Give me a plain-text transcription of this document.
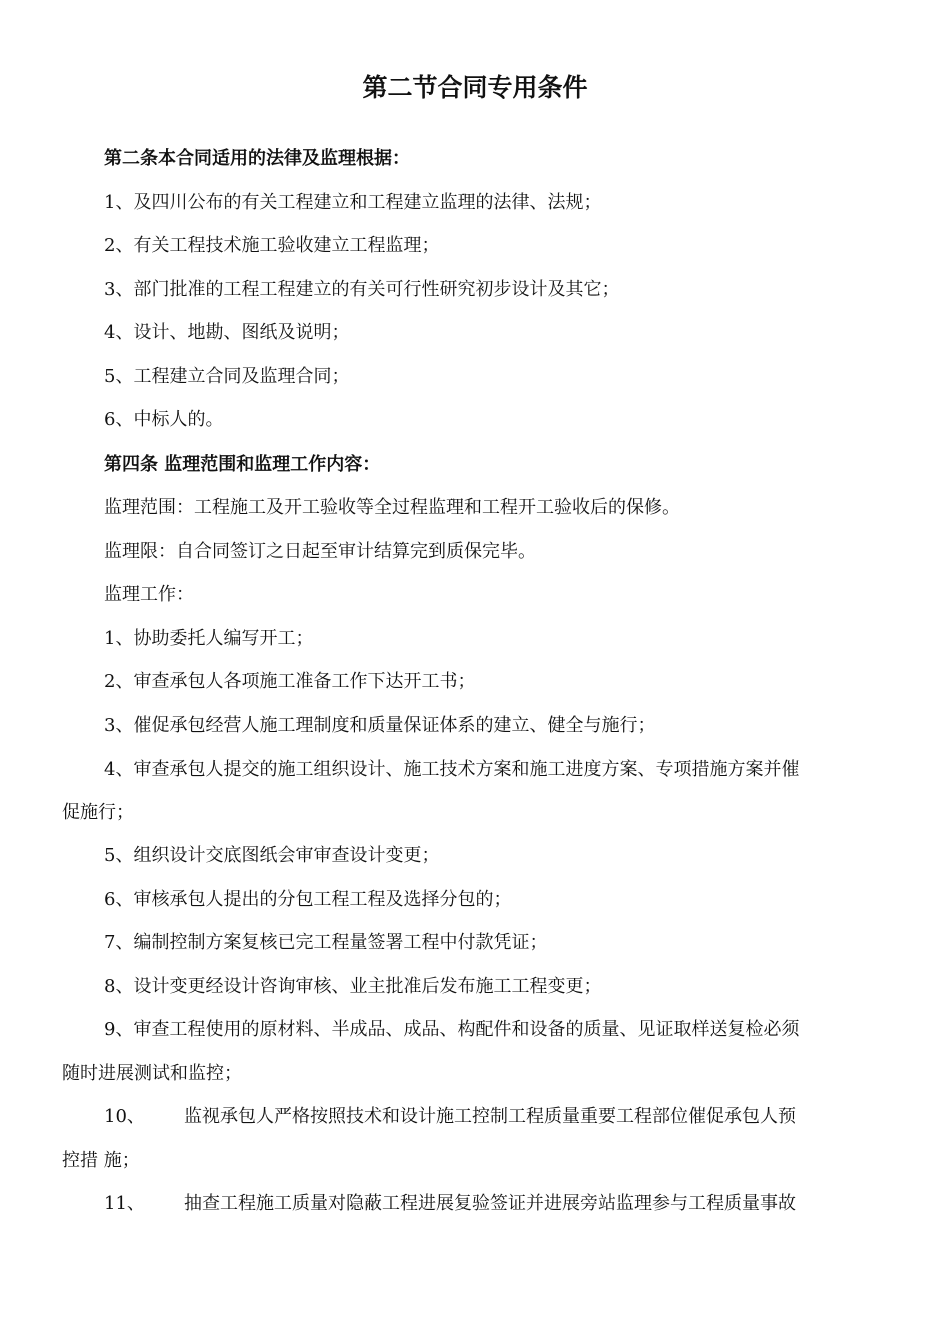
第二节合同专用条件
第二条本合同适用的法律及监理根据：
1、及四川公布的有关工程建立和工程建立监理的法律、法规；
2、有关工程技术施工验收建立工程监理；
3、部门批准的工程工程建立的有关可行性研究初步设计及其它；
4、设计、地勘、图纸及说明；
5、工程建立合同及监理合同；
6、中标人的。
第四条 监理范围和监理工作内容：
监理范围：工程施工及开工验收等全过程监理和工程开工验收后的保修。
监理限：自合同签订之日起至审计结算完到质保完毕。
监理工作：
1、协助委托人编写开工；
2、审查承包人各项施工准备工作下达开工书；
3、催促承包经营人施工理制度和质量保证体系的建立、健全与施行；
4、审查承包人提交的施工组织设计、施工技术方案和施工进度方案、专项措施方案并催
促施行；
5、组织设计交底图纸会审审查设计变更；
6、审核承包人提出的分包工程工程及选择分包的；
7、编制控制方案复核已完工程量签署工程中付款凭证；
8、设计变更经设计咨询审核、业主批准后发布施工工程变更；
9、审查工程使用的原材料、半成品、成品、构配件和设备的质量、见证取样送复检必须
随时进展测试和监控；
10、 监视承包人严格按照技术和设计施工控制工程质量重要工程部位催促承包人预
控措 施；
11、 抽查工程施工质量对隐蔽工程进展复验签证并进展旁站监理参与工程质量事故
